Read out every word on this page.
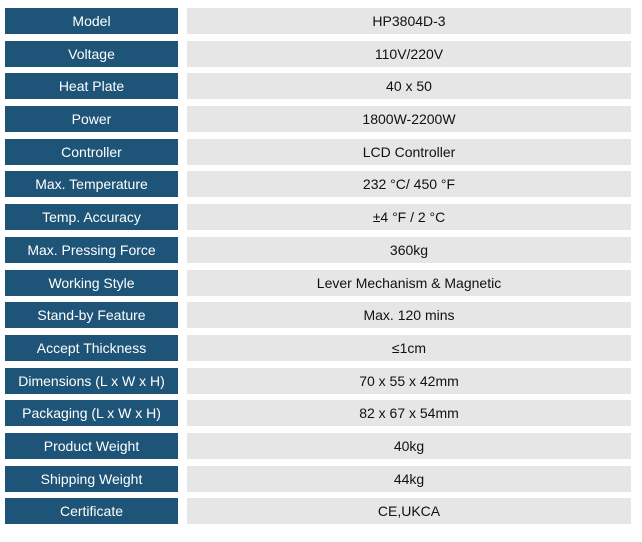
Model	HP3804D-3
Voltage	110V/220V
Heat Plate	40 x 50
Power	1800W-2200W
Controller	LCD Controller
Max. Temperature	232 °C/ 450 °F
Temp. Accuracy	±4 °F / 2 °C
Max. Pressing Force	360kg
Working Style	Lever Mechanism & Magnetic
Stand-by Feature	Max. 120 mins
Accept Thickness	≤1cm
Dimensions (L x W x H)	70 x 55 x 42mm
Packaging (L x W x H)	82 x 67 x 54mm
Product Weight	40kg
Shipping Weight	44kg
Certificate	CE,UKCA
